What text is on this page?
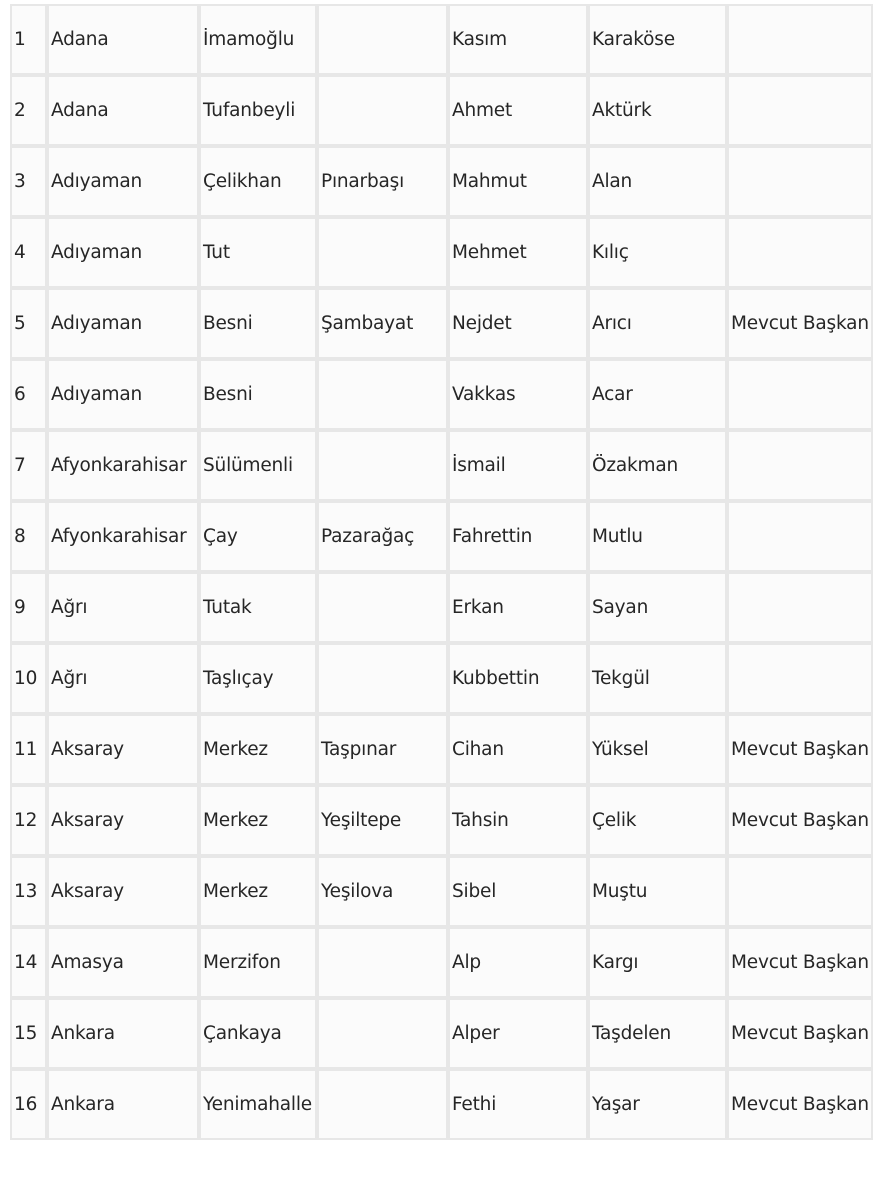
1	Adana	İmamoğlu		Kasım	Karaköse	
2	Adana	Tufanbeyli		Ahmet	Aktürk	
3	Adıyaman	Çelikhan	Pınarbaşı	Mahmut	Alan	
4	Adıyaman	Tut		Mehmet	Kılıç	
5	Adıyaman	Besni	Şambayat	Nejdet	Arıcı	Mevcut Başkan
6	Adıyaman	Besni		Vakkas	Acar	
7	Afyonkarahisar	Sülümenli		İsmail	Özakman	
8	Afyonkarahisar	Çay	Pazarağaç	Fahrettin	Mutlu	
9	Ağrı	Tutak		Erkan	Sayan	
10	Ağrı	Taşlıçay		Kubbettin	Tekgül	
11	Aksaray	Merkez	Taşpınar	Cihan	Yüksel	Mevcut Başkan
12	Aksaray	Merkez	Yeşiltepe	Tahsin	Çelik	Mevcut Başkan
13	Aksaray	Merkez	Yeşilova	Sibel	Muştu	
14	Amasya	Merzifon		Alp	Kargı	Mevcut Başkan
15	Ankara	Çankaya		Alper	Taşdelen	Mevcut Başkan
16	Ankara	Yenimahalle		Fethi	Yaşar	Mevcut Başkan
